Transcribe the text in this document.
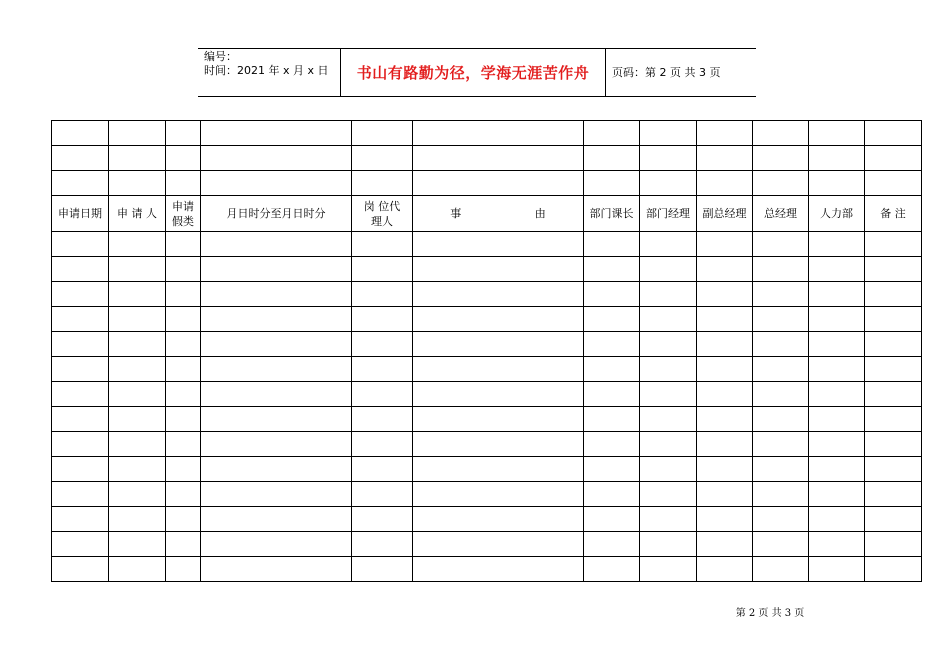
编号：
时间：2021 年 x 月 x 日	书山有路勤为径，学海无涯苦作舟	页码：第 2 页 共 3 页

申请日期	申 请 人	申请假类	月日时分至月日时分	岗 位代理人	事 由	部门课长	部门经理	副总经理	总经理	人力部	备 注

第 2 页 共 3 页
